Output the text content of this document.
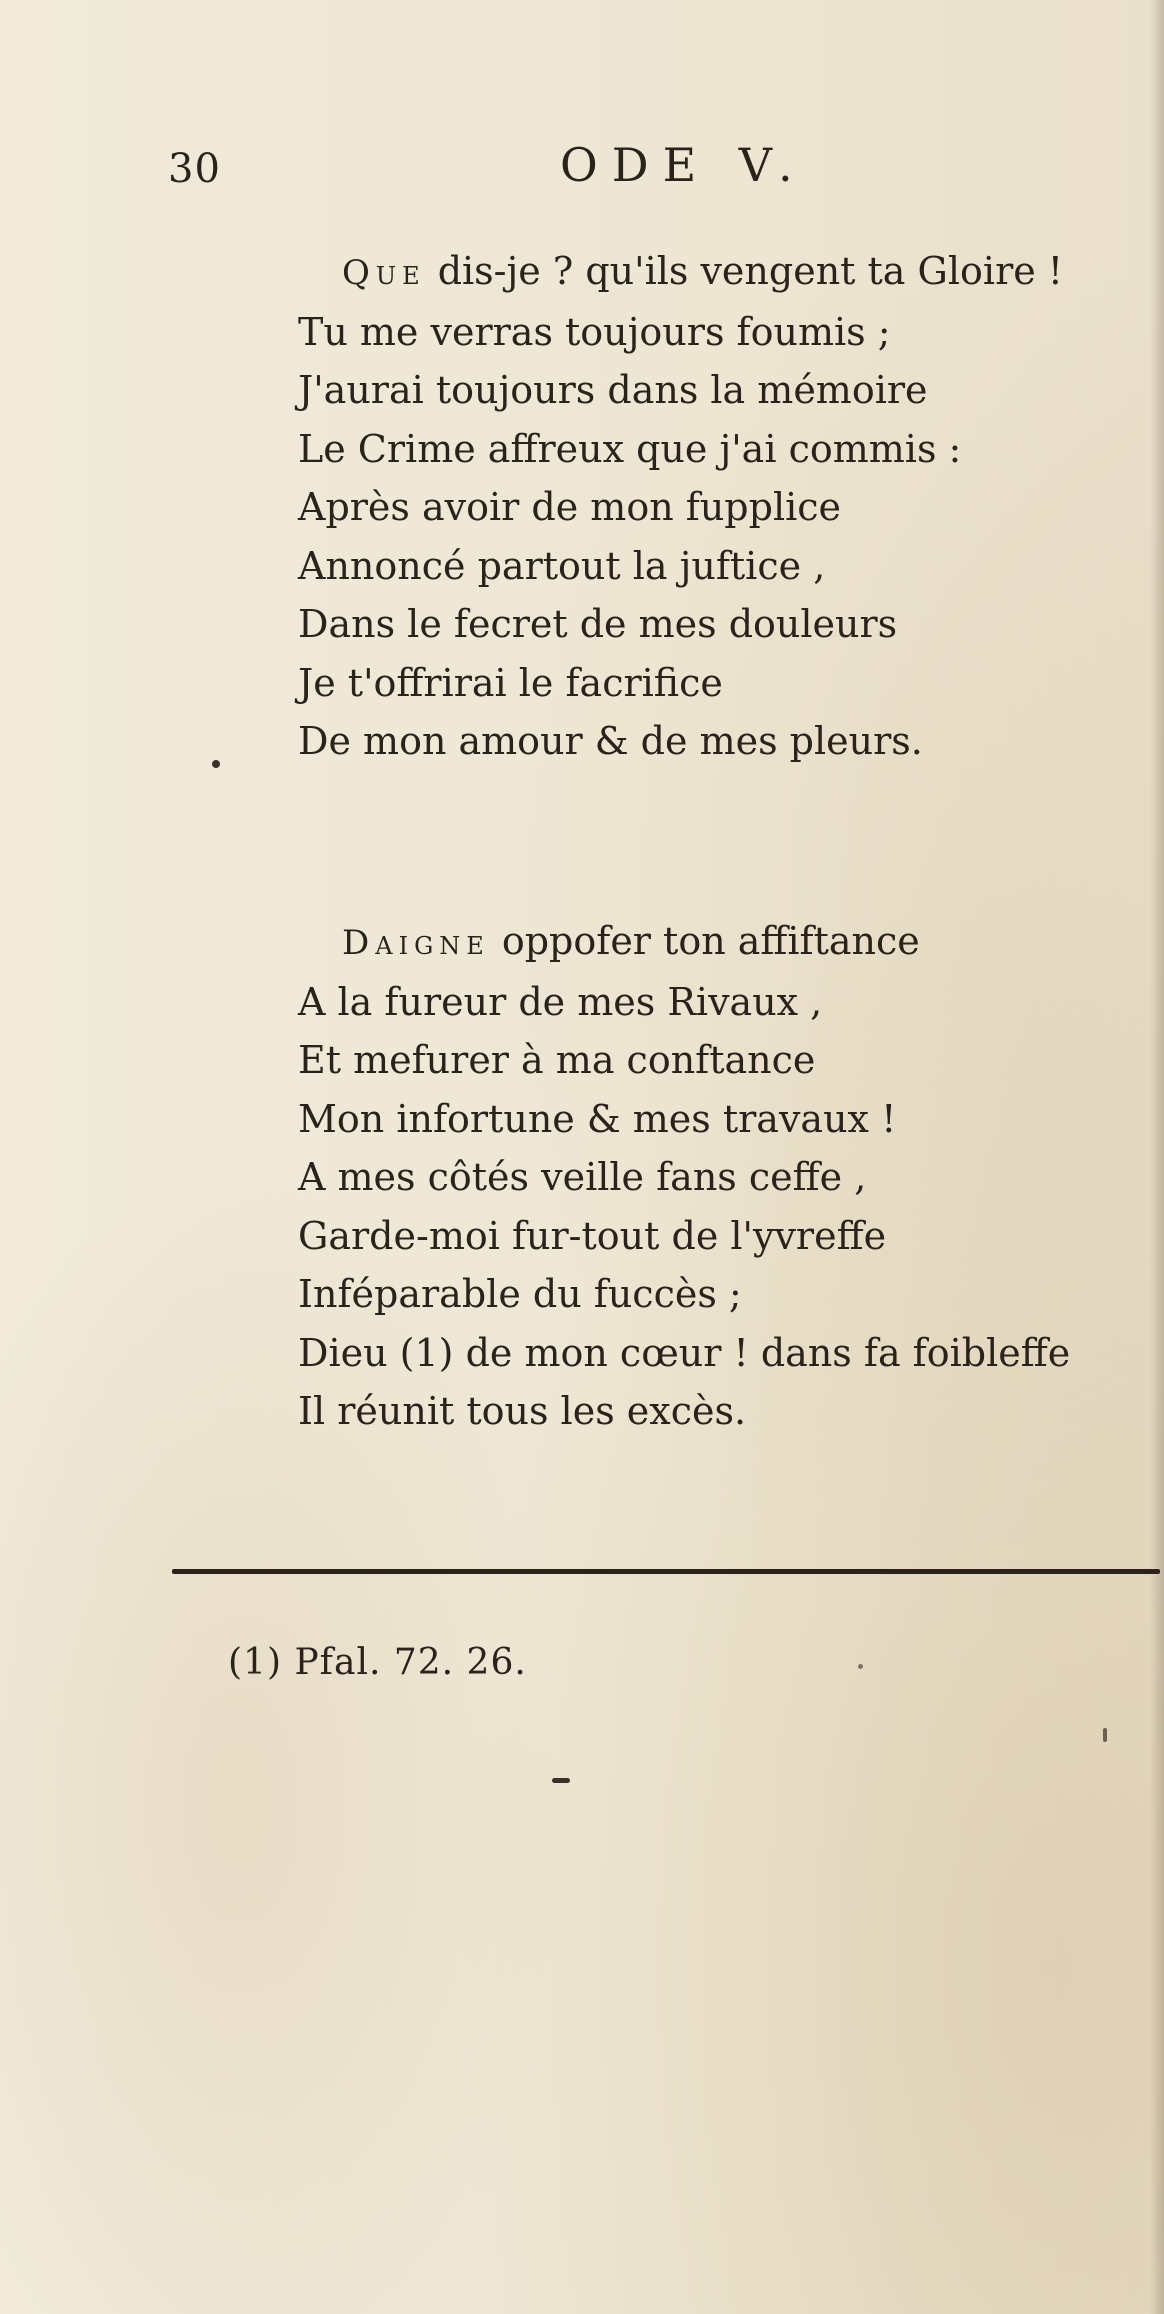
30	ODE V.
Que dis-je ? qu'ils vengent ta Gloire !
Tu me verras toujours foumis ;
J'aurai toujours dans la mémoire
Le Crime affreux que j'ai commis :
Après avoir de mon fupplice
Annoncé partout la juftice ,
Dans le fecret de mes douleurs
Je t'offrirai le facrifice
De mon amour & de mes pleurs.
Daigne oppofer ton affiftance
A la fureur de mes Rivaux ,
Et mefurer à ma conftance
Mon infortune & mes travaux !
A mes côtés veille fans ceffe ,
Garde-moi fur-tout de l'yvreffe
Inféparable du fuccès ;
Dieu (1) de mon cœur ! dans fa foibleffe
Il réunit tous les excès.
(1) Pfal. 72. 26.
